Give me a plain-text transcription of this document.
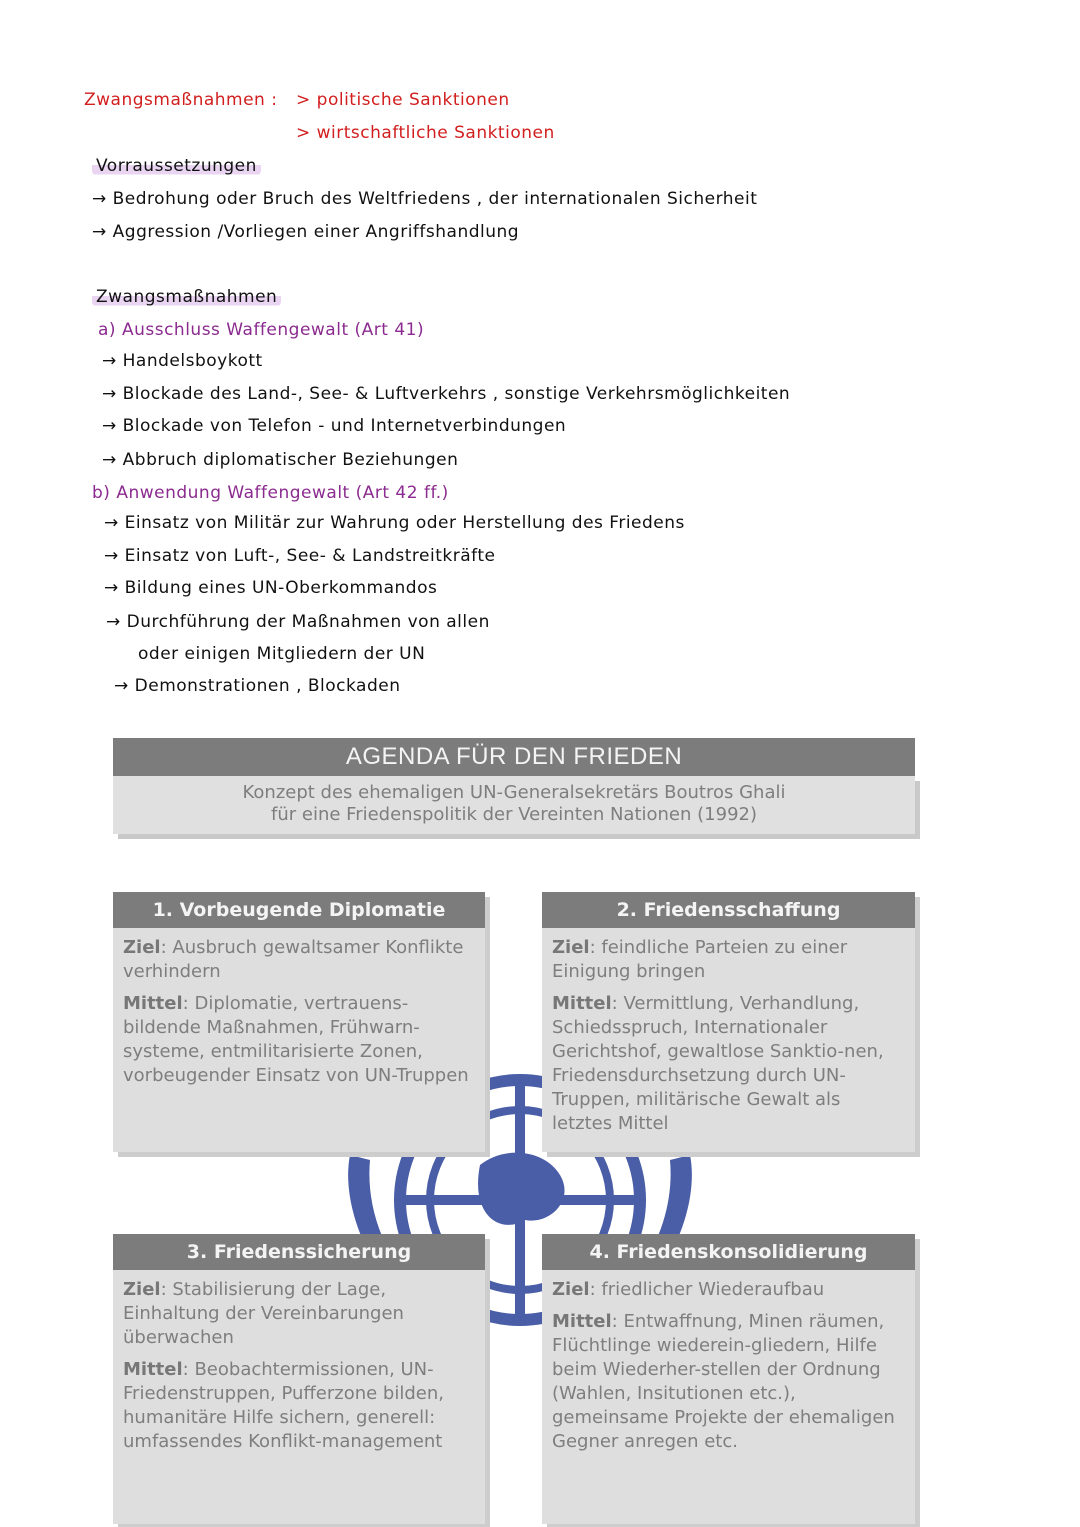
Zwangsmaßnahmen : > politische Sanktionen
> wirtschaftliche Sanktionen
Vorraussetzungen
→ Bedrohung oder Bruch des Weltfriedens , der internationalen Sicherheit
→ Aggression /Vorliegen einer Angriffshandlung
Zwangsmaßnahmen
a) Ausschluss Waffengewalt (Art 41)
→ Handelsboykott
→ Blockade des Land-, See- & Luftverkehrs , sonstige Verkehrsmöglichkeiten
→ Blockade von Telefon - und Internetverbindungen
→ Abbruch diplomatischer Beziehungen
b) Anwendung Waffengewalt (Art 42 ff.)
→ Einsatz von Militär zur Wahrung oder Herstellung des Friedens
→ Einsatz von Luft-, See- & Landstreitkräfte
→ Bildung eines UN-Oberkommandos
→ Durchführung der Maßnahmen von allen
oder einigen Mitgliedern der UN
→ Demonstrationen , Blockaden
AGENDA FÜR DEN FRIEDEN
Konzept des ehemaligen UN-Generalsekretärs Boutros Ghali
für eine Friedenspolitik der Vereinten Nationen (1992)
1. Vorbeugende Diplomatie

Ziel: Ausbruch gewaltsamer Konflikte verhindern

Mittel: Diplomatie, vertrauens-bildende Maßnahmen, Frühwarn-systeme, entmilitarisierte Zonen, vorbeugender Einsatz von UN-Truppen

2. Friedensschaffung

Ziel: feindliche Parteien zu einer Einigung bringen

Mittel: Vermittlung, Verhandlung, Schiedsspruch, Internationaler Gerichtshof, gewaltlose Sanktio-nen, Friedensdurchsetzung durch UN-Truppen, militärische Gewalt als letztes Mittel

3. Friedenssicherung

Ziel: Stabilisierung der Lage, Einhaltung der Vereinbarungen überwachen

Mittel: Beobachtermissionen, UN-Friedenstruppen, Pufferzone bilden, humanitäre Hilfe sichern, generell: umfassendes Konflikt-management

4. Friedenskonsolidierung

Ziel: friedlicher Wiederaufbau

Mittel: Entwaffnung, Minen räumen, Flüchtlinge wiederein-gliedern, Hilfe beim Wiederher-stellen der Ordnung (Wahlen, Insitutionen etc.), gemeinsame Projekte der ehemaligen Gegner anregen etc.
